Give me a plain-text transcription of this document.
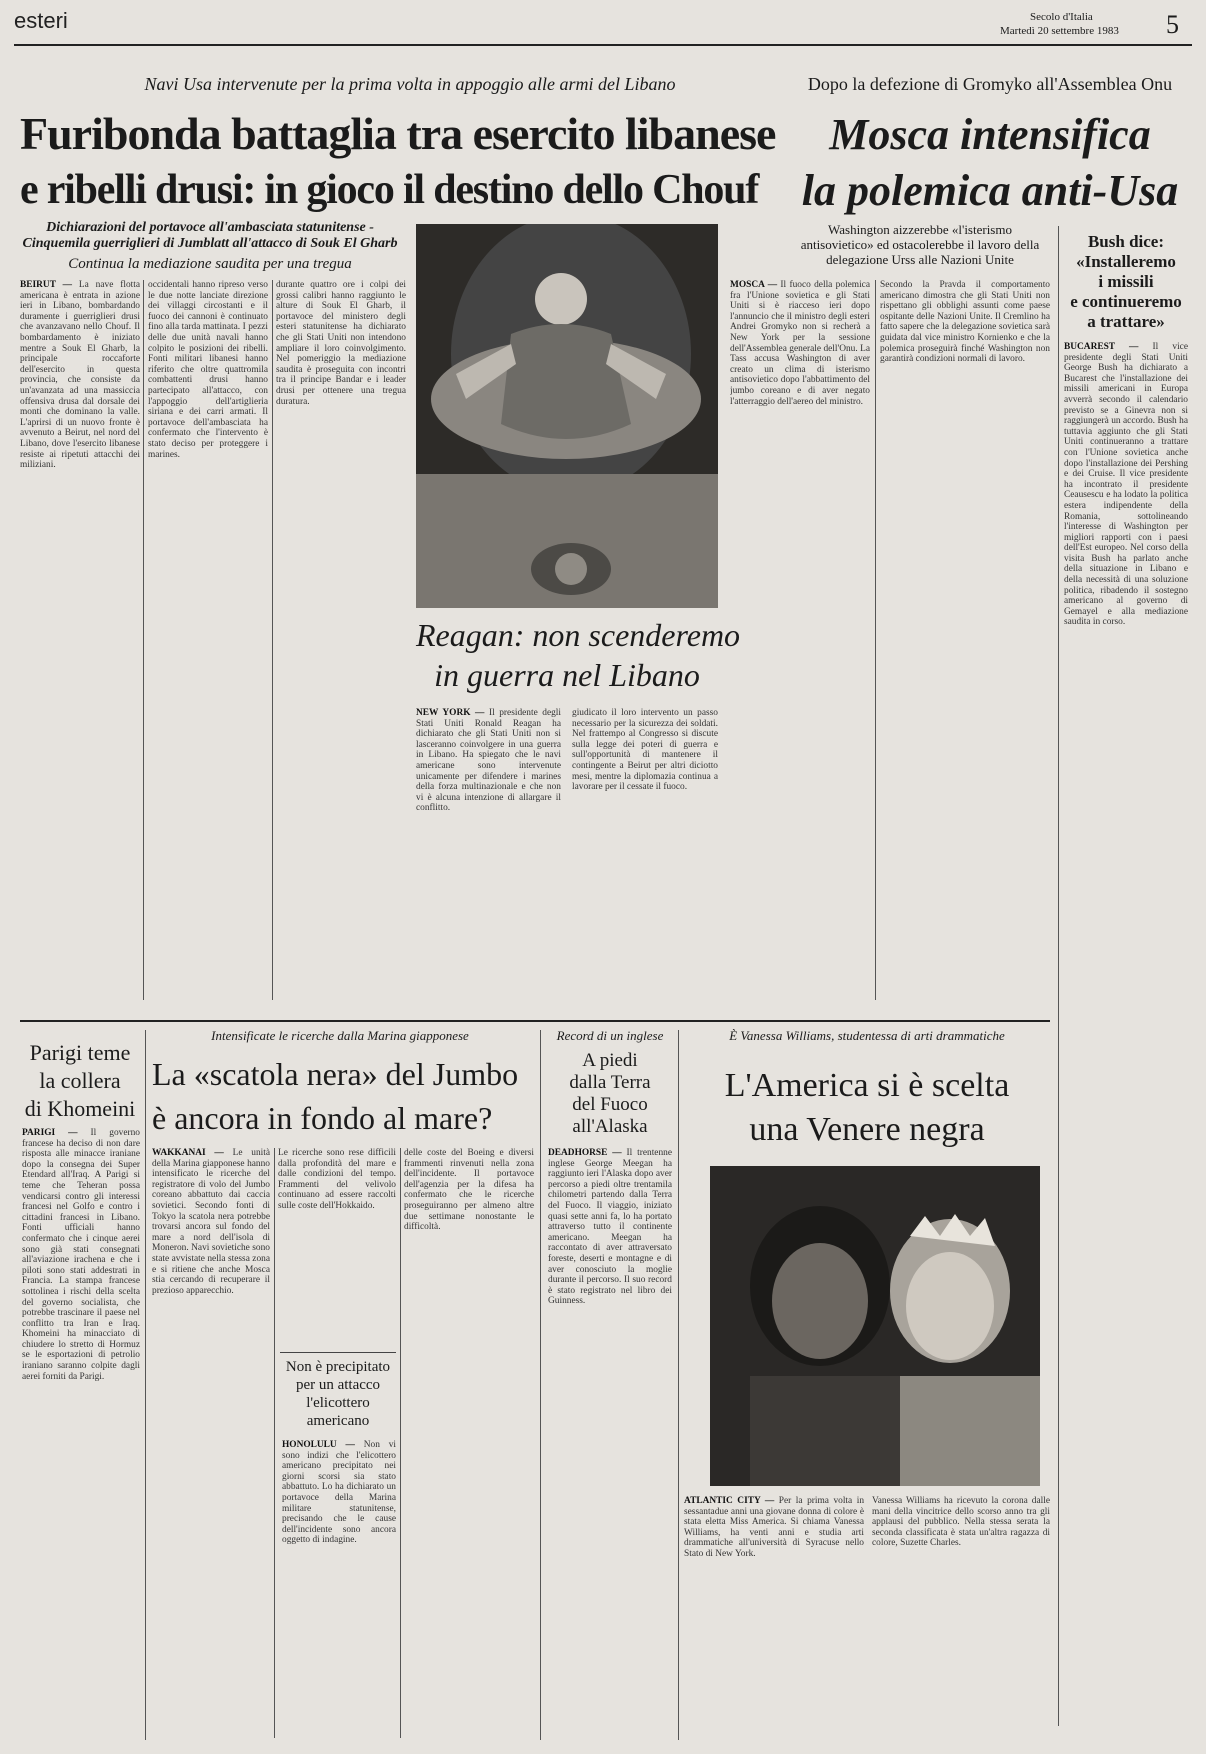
esteri	Secolo d'Italia
Martedì 20 settembre 1983 5
Navi Usa intervenute per la prima volta in appoggio alle armi del Libano
Furibonda battaglia tra esercito libanese
e ribelli drusi: in gioco il destino dello Chouf
Dichiarazioni del portavoce all'ambasciata statunitense - Cinquemila guerriglieri di Jumblatt all'attacco di Souk El Gharb
Continua la mediazione saudita per una tregua
BEIRUT — La nave flotta americana è entrata in azione ieri in Libano, bombardando duramente i guerriglieri drusi che avanzavano nello Chouf. Il bombardamento è iniziato mentre a Souk El Gharb, la principale roccaforte dell'esercito in questa provincia, che consiste da un'avanzata ad una massiccia offensiva drusa dal dorsale dei monti che dominano la valle. L'aprirsi di un nuovo fronte è avvenuto a Beirut, nel nord del Libano, dove l'esercito libanese resiste ai ripetuti attacchi dei miliziani.
occidentali hanno ripreso verso le due notte lanciate direzione dei villaggi circostanti e il fuoco dei cannoni è continuato fino alla tarda mattinata. I pezzi delle due unità navali hanno colpito le posizioni dei ribelli. Fonti militari libanesi hanno riferito che oltre quattromila combattenti drusi hanno partecipato all'attacco, con l'appoggio dell'artiglieria siriana e dei carri armati. Il portavoce dell'ambasciata ha confermato che l'intervento è stato deciso per proteggere i marines.
durante quattro ore i colpi dei grossi calibri hanno raggiunto le alture di Souk El Gharb, il portavoce del ministero degli esteri statunitense ha dichiarato che gli Stati Uniti non intendono ampliare il loro coinvolgimento. Nel pomeriggio la mediazione saudita è proseguita con incontri tra il principe Bandar e i leader drusi per ottenere una tregua duratura.
Reagan: non scenderemo
in guerra nel Libano
NEW YORK — Il presidente degli Stati Uniti Ronald Reagan ha dichiarato che gli Stati Uniti non si lasceranno coinvolgere in una guerra in Libano. Ha spiegato che le navi americane sono intervenute unicamente per difendere i marines della forza multinazionale e che non vi è alcuna intenzione di allargare il conflitto.
giudicato il loro intervento un passo necessario per la sicurezza dei soldati. Nel frattempo al Congresso si discute sulla legge dei poteri di guerra e sull'opportunità di mantenere il contingente a Beirut per altri diciotto mesi, mentre la diplomazia continua a lavorare per il cessate il fuoco.
Dopo la defezione di Gromyko all'Assemblea Onu
Mosca intensifica
la polemica anti-Usa
Washington aizzerebbe «l'isterismo antisovietico» ed ostacolerebbe il lavoro della delegazione Urss alle Nazioni Unite
MOSCA — Il fuoco della polemica fra l'Unione sovietica e gli Stati Uniti si è riacceso ieri dopo l'annuncio che il ministro degli esteri Andrei Gromyko non si recherà a New York per la sessione dell'Assemblea generale dell'Onu. La Tass accusa Washington di aver creato un clima di isterismo antisovietico dopo l'abbattimento del jumbo coreano e di aver negato l'atterraggio dell'aereo del ministro.
Secondo la Pravda il comportamento americano dimostra che gli Stati Uniti non rispettano gli obblighi assunti come paese ospitante delle Nazioni Unite. Il Cremlino ha fatto sapere che la delegazione sovietica sarà guidata dal vice ministro Kornienko e che la polemica proseguirà finché Washington non garantirà condizioni normali di lavoro.
Bush dice:
«Installeremo
i missili
e continueremo
a trattare»
BUCAREST — Il vice presidente degli Stati Uniti George Bush ha dichiarato a Bucarest che l'installazione dei missili americani in Europa avverrà secondo il calendario previsto se a Ginevra non si raggiungerà un accordo. Bush ha tuttavia aggiunto che gli Stati Uniti continueranno a trattare con l'Unione sovietica anche dopo l'installazione dei Pershing e dei Cruise. Il vice presidente ha incontrato il presidente Ceausescu e ha lodato la politica estera indipendente della Romania, sottolineando l'interesse di Washington per migliori rapporti con i paesi dell'Est europeo. Nel corso della visita Bush ha parlato anche della situazione in Libano e della necessità di una soluzione politica, ribadendo il sostegno americano al governo di Gemayel e alla mediazione saudita in corso.
Parigi teme
la collera
di Khomeini
PARIGI — Il governo francese ha deciso di non dare risposta alle minacce iraniane dopo la consegna dei Super Etendard all'Iraq. A Parigi si teme che Teheran possa vendicarsi contro gli interessi francesi nel Golfo e contro i cittadini francesi in Libano. Fonti ufficiali hanno confermato che i cinque aerei sono già stati consegnati all'aviazione irachena e che i piloti sono stati addestrati in Francia. La stampa francese sottolinea i rischi della scelta del governo socialista, che potrebbe trascinare il paese nel conflitto tra Iran e Iraq. Khomeini ha minacciato di chiudere lo stretto di Hormuz se le esportazioni di petrolio iraniano saranno colpite dagli aerei forniti da Parigi.
Intensificate le ricerche dalla Marina giapponese
La «scatola nera» del Jumbo
è ancora in fondo al mare?
WAKKANAI — Le unità della Marina giapponese hanno intensificato le ricerche del registratore di volo del Jumbo coreano abbattuto dai caccia sovietici. Secondo fonti di Tokyo la scatola nera potrebbe trovarsi ancora sul fondo del mare a nord dell'isola di Moneron. Navi sovietiche sono state avvistate nella stessa zona e si ritiene che anche Mosca stia cercando di recuperare il prezioso apparecchio.
Le ricerche sono rese difficili dalla profondità del mare e dalle condizioni del tempo. Frammenti del velivolo continuano ad essere raccolti sulle coste dell'Hokkaido.
Non è precipitato
per un attacco
l'elicottero
americano
HONOLULU — Non vi sono indizi che l'elicottero americano precipitato nei giorni scorsi sia stato abbattuto. Lo ha dichiarato un portavoce della Marina militare statunitense, precisando che le cause dell'incidente sono ancora oggetto di indagine.
delle coste del Boeing e diversi frammenti rinvenuti nella zona dell'incidente. Il portavoce dell'agenzia per la difesa ha confermato che le ricerche proseguiranno per almeno altre due settimane nonostante le difficoltà.
Record di un inglese
A piedi
dalla Terra
del Fuoco
all'Alaska
DEADHORSE — Il trentenne inglese George Meegan ha raggiunto ieri l'Alaska dopo aver percorso a piedi oltre trentamila chilometri partendo dalla Terra del Fuoco. Il viaggio, iniziato quasi sette anni fa, lo ha portato attraverso tutto il continente americano. Meegan ha raccontato di aver attraversato foreste, deserti e montagne e di aver conosciuto la moglie durante il percorso. Il suo record è stato registrato nel libro dei Guinness.
È Vanessa Williams, studentessa di arti drammatiche
L'America si è scelta
una Venere negra
ATLANTIC CITY — Per la prima volta in sessantadue anni una giovane donna di colore è stata eletta Miss America. Si chiama Vanessa Williams, ha venti anni e studia arti drammatiche all'università di Syracuse nello Stato di New York.
Vanessa Williams ha ricevuto la corona dalle mani della vincitrice dello scorso anno tra gli applausi del pubblico. Nella stessa serata la seconda classificata è stata un'altra ragazza di colore, Suzette Charles.
